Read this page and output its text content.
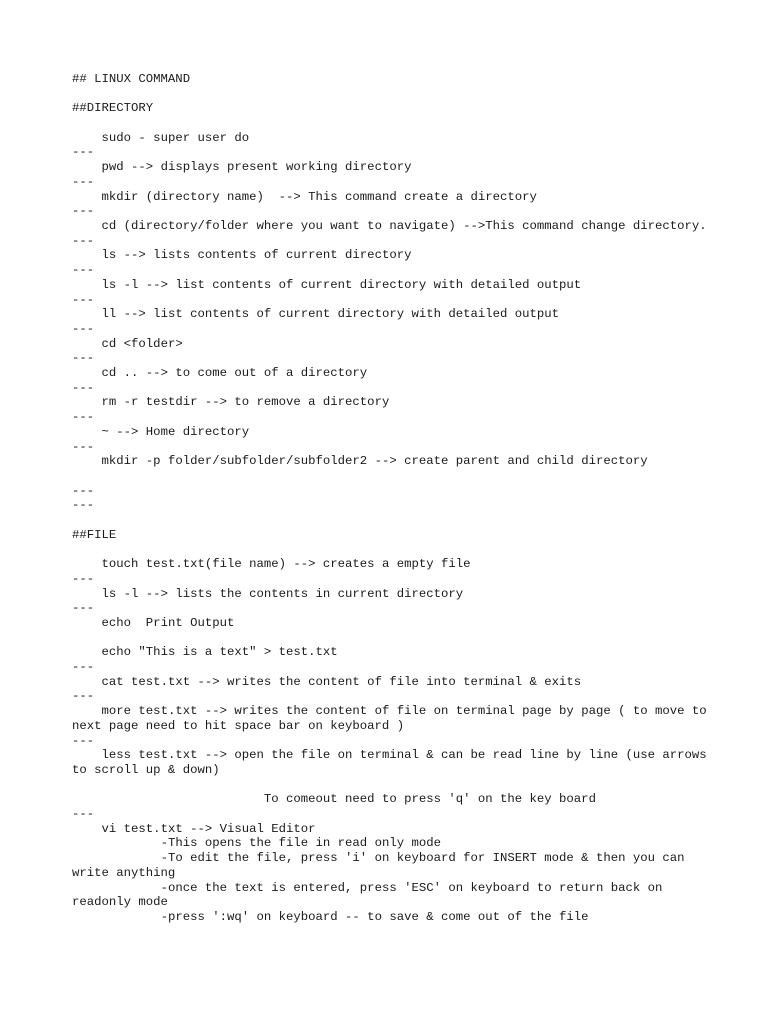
## LINUX COMMAND
##DIRECTORY
sudo - super user do
---
pwd --> displays present working directory
---
mkdir (directory name)  --> This command create a directory
---
cd (directory/folder where you want to navigate) -->This command change directory.
---
ls --> lists contents of current directory
---
ls -l --> list contents of current directory with detailed output
---
ll --> list contents of current directory with detailed output
---
cd <folder>
---
cd .. --> to come out of a directory
---
rm -r testdir --> to remove a directory
---
~ --> Home directory
---
mkdir -p folder/subfolder/subfolder2 --> create parent and child directory
---
---
##FILE
touch test.txt(file name) --> creates a empty file
---
ls -l --> lists the contents in current directory
---
echo  Print Output
echo "This is a text" > test.txt
---
cat test.txt --> writes the content of file into terminal & exits
---
more test.txt --> writes the content of file on terminal page by page ( to move to next page need to hit space bar on keyboard )
---
less test.txt --> open the file on terminal & can be read line by line (use arrows to scroll up & down)
To comeout need to press 'q' on the key board
---
vi test.txt --> Visual Editor
-This opens the file in read only mode
-To edit the file, press 'i' on keyboard for INSERT mode & then you can write anything
-once the text is entered, press 'ESC' on keyboard to return back on readonly mode
-press ':wq' on keyboard -- to save & come out of the file
